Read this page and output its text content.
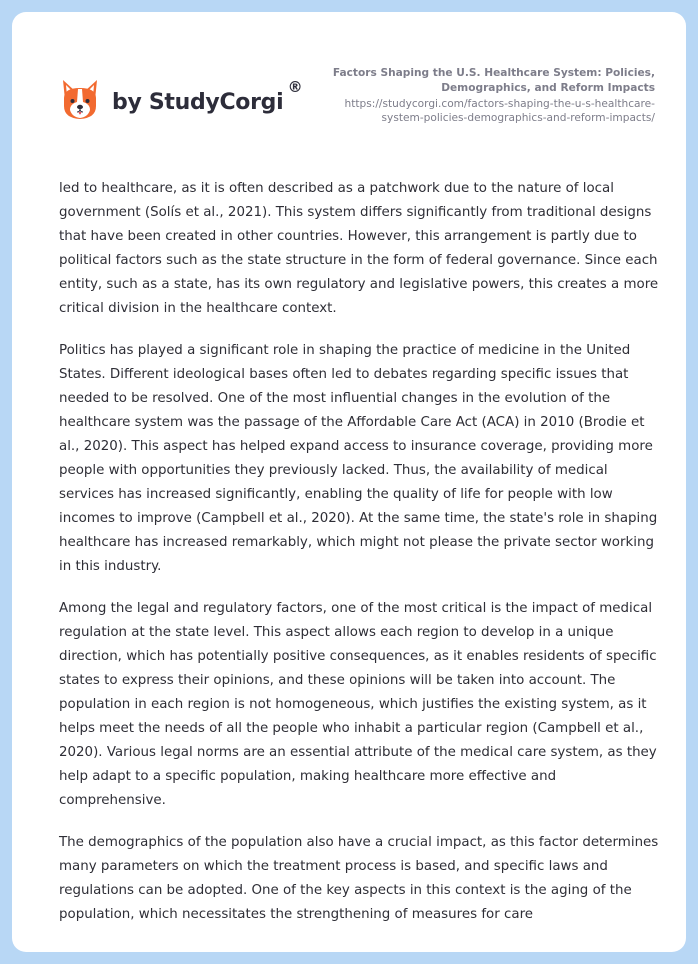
by StudyCorgi
®
Factors Shaping the U.S. Healthcare System: Policies, Demographics, and Reform Impacts
https://studycorgi.com/factors-shaping-the-u-s-healthcare-system-policies-demographics-and-reform-impacts/

led to healthcare, as it is often described as a patchwork due to the nature of local government (Solís et al., 2021). This system differs significantly from traditional designs that have been created in other countries. However, this arrangement is partly due to political factors such as the state structure in the form of federal governance. Since each entity, such as a state, has its own regulatory and legislative powers, this creates a more critical division in the healthcare context.

Politics has played a significant role in shaping the practice of medicine in the United States. Different ideological bases often led to debates regarding specific issues that needed to be resolved. One of the most influential changes in the evolution of the healthcare system was the passage of the Affordable Care Act (ACA) in 2010 (Brodie et al., 2020). This aspect has helped expand access to insurance coverage, providing more people with opportunities they previously lacked. Thus, the availability of medical services has increased significantly, enabling the quality of life for people with low incomes to improve (Campbell et al., 2020). At the same time, the state's role in shaping healthcare has increased remarkably, which might not please the private sector working in this industry.

Among the legal and regulatory factors, one of the most critical is the impact of medical regulation at the state level. This aspect allows each region to develop in a unique direction, which has potentially positive consequences, as it enables residents of specific states to express their opinions, and these opinions will be taken into account. The population in each region is not homogeneous, which justifies the existing system, as it helps meet the needs of all the people who inhabit a particular region (Campbell et al., 2020). Various legal norms are an essential attribute of the medical care system, as they help adapt to a specific population, making healthcare more effective and comprehensive.

The demographics of the population also have a crucial impact, as this factor determines many parameters on which the treatment process is based, and specific laws and regulations can be adopted. One of the key aspects in this context is the aging of the population, which necessitates the strengthening of measures for care
